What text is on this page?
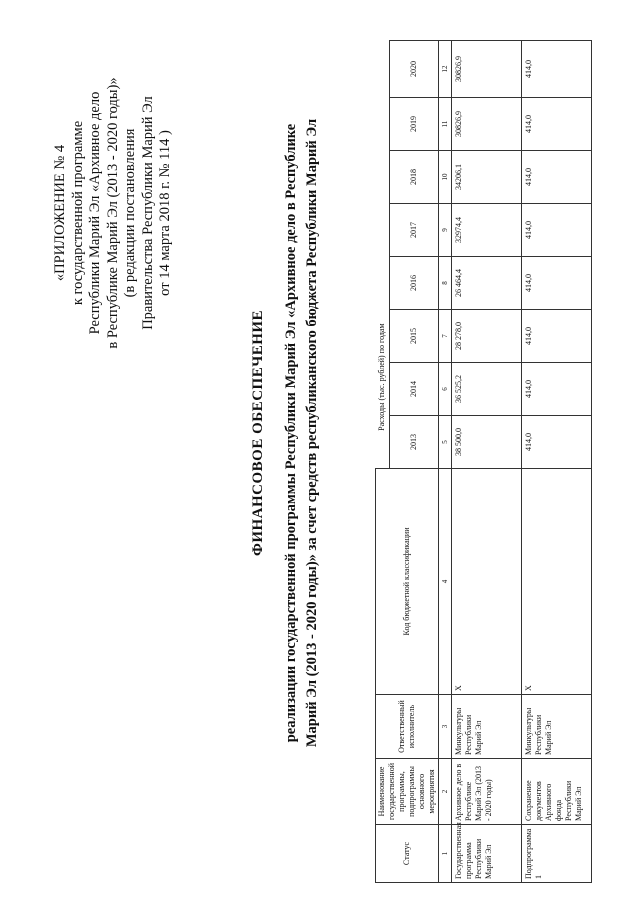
«ПРИЛОЖЕНИЕ № 4 к государственной программе Республики Марий Эл «Архивное дело в Республике Марий Эл (2013 - 2020 годы)» (в редакции постановления Правительства Республики Марий Эл от 14 марта 2018 г. № 114 )
ФИНАНСОВОЕ ОБЕСПЕЧЕНИЕ реализации государственной программы Республики Марий Эл «Архивное дело в Республике Марий Эл (2013 - 2020 годы)» за счет средств республиканского бюджета Республики Марий Эл
Статус	Наименование государственной программы, подпрограммы основного мероприятия	Ответственный исполнитель	Код бюджетной классификации	Расходы (тыс. рублей) по годам							
				2013	2014	2015	2016	2017	2018	2019	2020
1	2	3	4	5	6	7	8	9	10	11	12
Государственная программа Республики Марий Эл	Архивное дело в Республике Марий Эл (2013 - 2020 годы)	Минкультуры Республики Марий Эл	X	38 500,0	36 525,2	28 278,0	26 464,4	32974,4	34206,1	30826,9	30826,9
Подпрограмма 1	Сохранение документов Архивного фонда Республики Марий Эл	Минкультуры Республики Марий Эл	X	414,0	414,0	414,0	414,0	414,0	414,0	414,0	414,0
